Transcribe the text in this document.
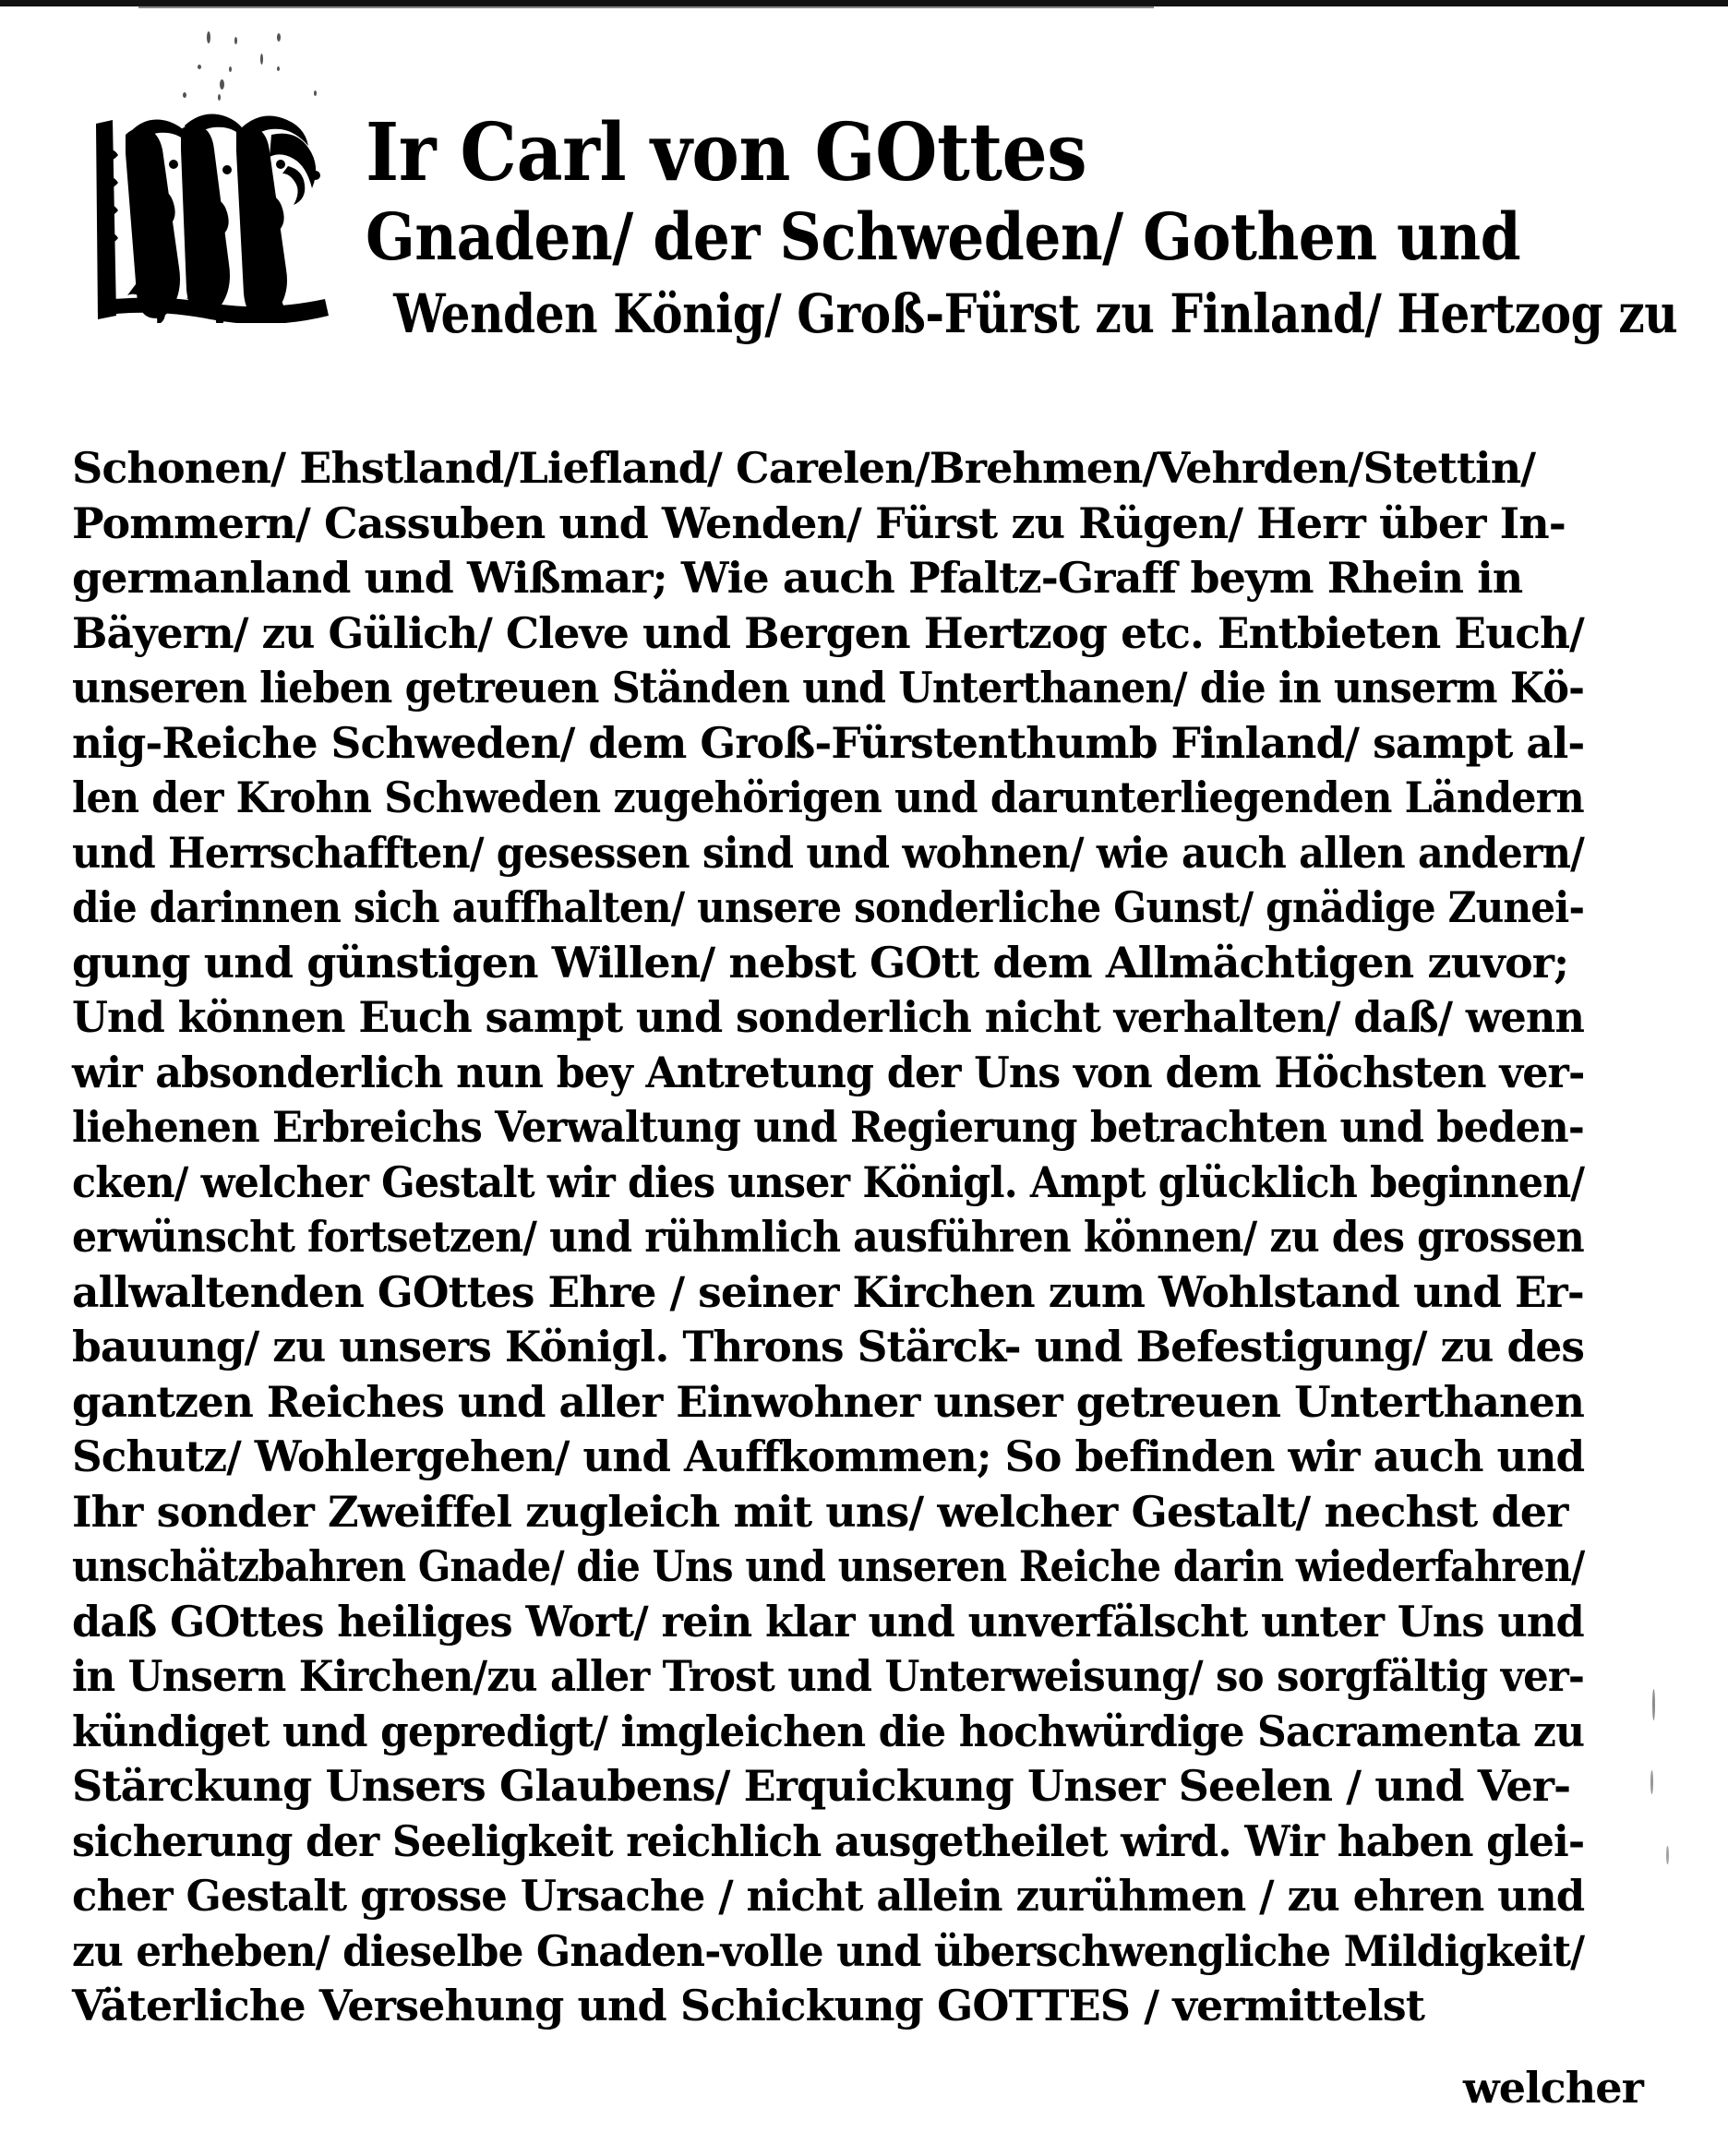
Ir Carl von GOttes
Gnaden/ der Schweden/ Gothen und
Wenden König/ Groß-Fürst zu Finland/ Hertzog zu
Schonen/ Ehstland/Liefland/ Carelen/Brehmen/Vehrden/Stettin/
Pommern/ Cassuben und Wenden/ Fürst zu Rügen/ Herr über In-
germanland und Wißmar; Wie auch Pfaltz-Graff beym Rhein in
Bäyern/ zu Gülich/ Cleve und Bergen Hertzog etc. Entbieten Euch/
unseren lieben getreuen Ständen und Unterthanen/ die in unserm Kö-
nig-Reiche Schweden/ dem Groß-Fürstenthumb Finland/ sampt al-
len der Krohn Schweden zugehörigen und darunterliegenden Ländern
und Herrschafften/ gesessen sind und wohnen/ wie auch allen andern/
die darinnen sich auffhalten/ unsere sonderliche Gunst/ gnädige Zunei-
gung und günstigen Willen/ nebst GOtt dem Allmächtigen zuvor;
Und können Euch sampt und sonderlich nicht verhalten/ daß/ wenn
wir absonderlich nun bey Antretung der Uns von dem Höchsten ver-
liehenen Erbreichs Verwaltung und Regierung betrachten und beden-
cken/ welcher Gestalt wir dies unser Königl. Ampt glücklich beginnen/
erwünscht fortsetzen/ und rühmlich ausführen können/ zu des grossen
allwaltenden GOttes Ehre / seiner Kirchen zum Wohlstand und Er-
bauung/ zu unsers Königl. Throns Stärck- und Befestigung/ zu des
gantzen Reiches und aller Einwohner unser getreuen Unterthanen
Schutz/ Wohlergehen/ und Auffkommen; So befinden wir auch und
Ihr sonder Zweiffel zugleich mit uns/ welcher Gestalt/ nechst der
unschätzbahren Gnade/ die Uns und unseren Reiche darin wiederfahren/
daß GOttes heiliges Wort/ rein klar und unverfälscht unter Uns und
in Unsern Kirchen/zu aller Trost und Unterweisung/ so sorgfältig ver-
kündiget und gepredigt/ imgleichen die hochwürdige Sacramenta zu
Stärckung Unsers Glaubens/ Erquickung Unser Seelen / und Ver-
sicherung der Seeligkeit reichlich ausgetheilet wird. Wir haben glei-
cher Gestalt grosse Ursache / nicht allein zurühmen / zu ehren und
zu erheben/ dieselbe Gnaden-volle und überschwengliche Mildigkeit/
Väterliche Versehung und Schickung GOTTES / vermittelst
welcher
